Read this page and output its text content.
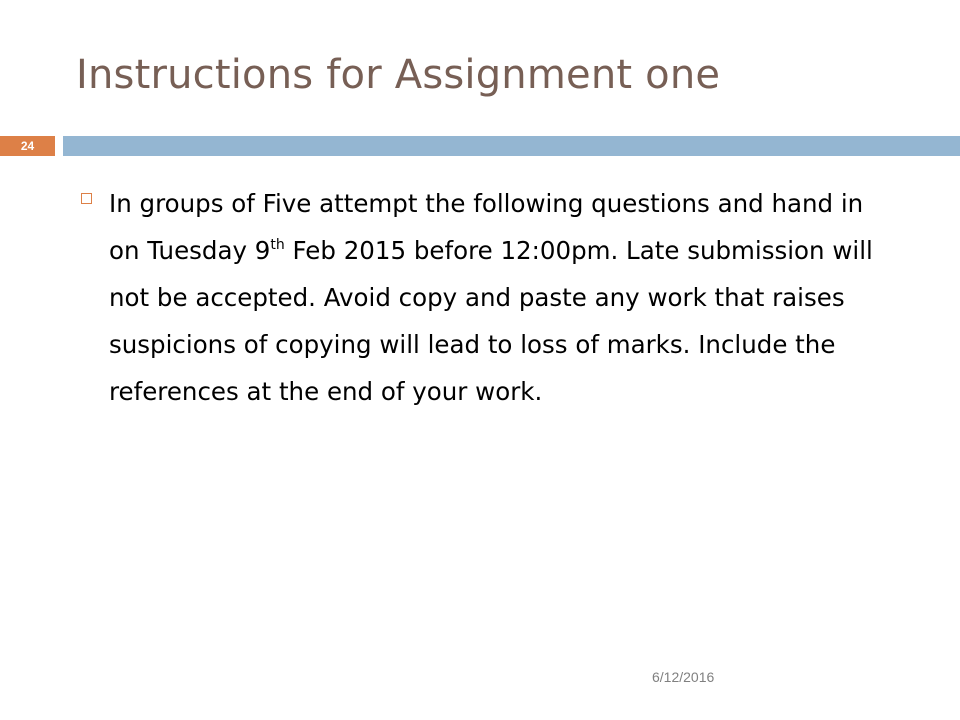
Instructions for Assignment one
24
In groups of Five attempt the following questions and hand in on Tuesday 9th Feb 2015 before 12:00pm. Late submission will not be accepted. Avoid copy and paste any work that raises suspicions of copying will lead to loss of marks. Include the references at the end of your work.
6/12/2016
